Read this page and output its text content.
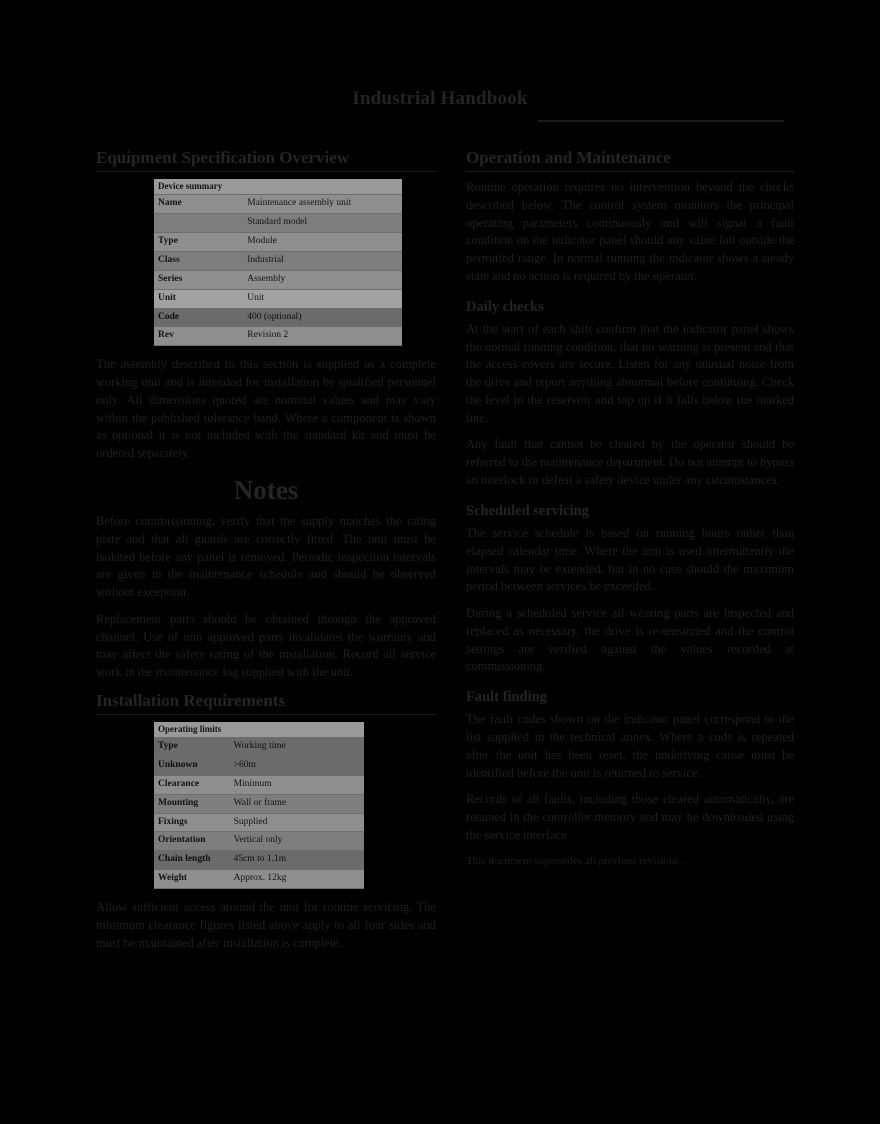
Industrial Handbook
Equipment Specification Overview
Device summary	
Name	Maintenance assembly unit
	Standard model
Type	Module
Class	Industrial
Series	Assembly
Unit	Unit
Code	400 (optional)
Rev	Revision 2

The assembly described in this section is supplied as a complete working unit and is intended for installation by qualified personnel only. All dimensions quoted are nominal values and may vary within the published tolerance band. Where a component is shown as optional it is not included with the standard kit and must be ordered separately.

Notes

Before commissioning, verify that the supply matches the rating plate and that all guards are correctly fitted. The unit must be isolated before any panel is removed. Periodic inspection intervals are given in the maintenance schedule and should be observed without exception.

Replacement parts should be obtained through the approved channel. Use of non approved parts invalidates the warranty and may affect the safety rating of the installation. Record all service work in the maintenance log supplied with the unit.

Installation Requirements
Operating limits	
Type	Working time
Unknown	>60m
Clearance	Minimum
Mounting	Wall or frame
Fixings	Supplied
Orientation	Vertical only
Chain length	45cm to 1.1m
Weight	Approx. 12kg

Allow sufficient access around the unit for routine servicing. The minimum clearance figures listed above apply to all four sides and must be maintained after installation is complete.

Operation and Maintenance

Routine operation requires no intervention beyond the checks described below. The control system monitors the principal operating parameters continuously and will signal a fault condition on the indicator panel should any value fall outside the permitted range. In normal running the indicator shows a steady state and no action is required by the operator.

Daily checks

At the start of each shift confirm that the indicator panel shows the normal running condition, that no warning is present and that the access covers are secure. Listen for any unusual noise from the drive and report anything abnormal before continuing. Check the level in the reservoir and top up if it falls below the marked line.

Any fault that cannot be cleared by the operator should be referred to the maintenance department. Do not attempt to bypass an interlock or defeat a safety device under any circumstances.

Scheduled servicing

The service schedule is based on running hours rather than elapsed calendar time. Where the unit is used intermittently the intervals may be extended, but in no case should the maximum period between services be exceeded.

During a scheduled service all wearing parts are inspected and replaced as necessary, the drive is re-tensioned and the control settings are verified against the values recorded at commissioning.

Fault finding

The fault codes shown on the indicator panel correspond to the list supplied in the technical annex. Where a code is repeated after the unit has been reset, the underlying cause must be identified before the unit is returned to service.

Records of all faults, including those cleared automatically, are retained in the controller memory and may be downloaded using the service interface.

This document supersedes all previous revisions.
